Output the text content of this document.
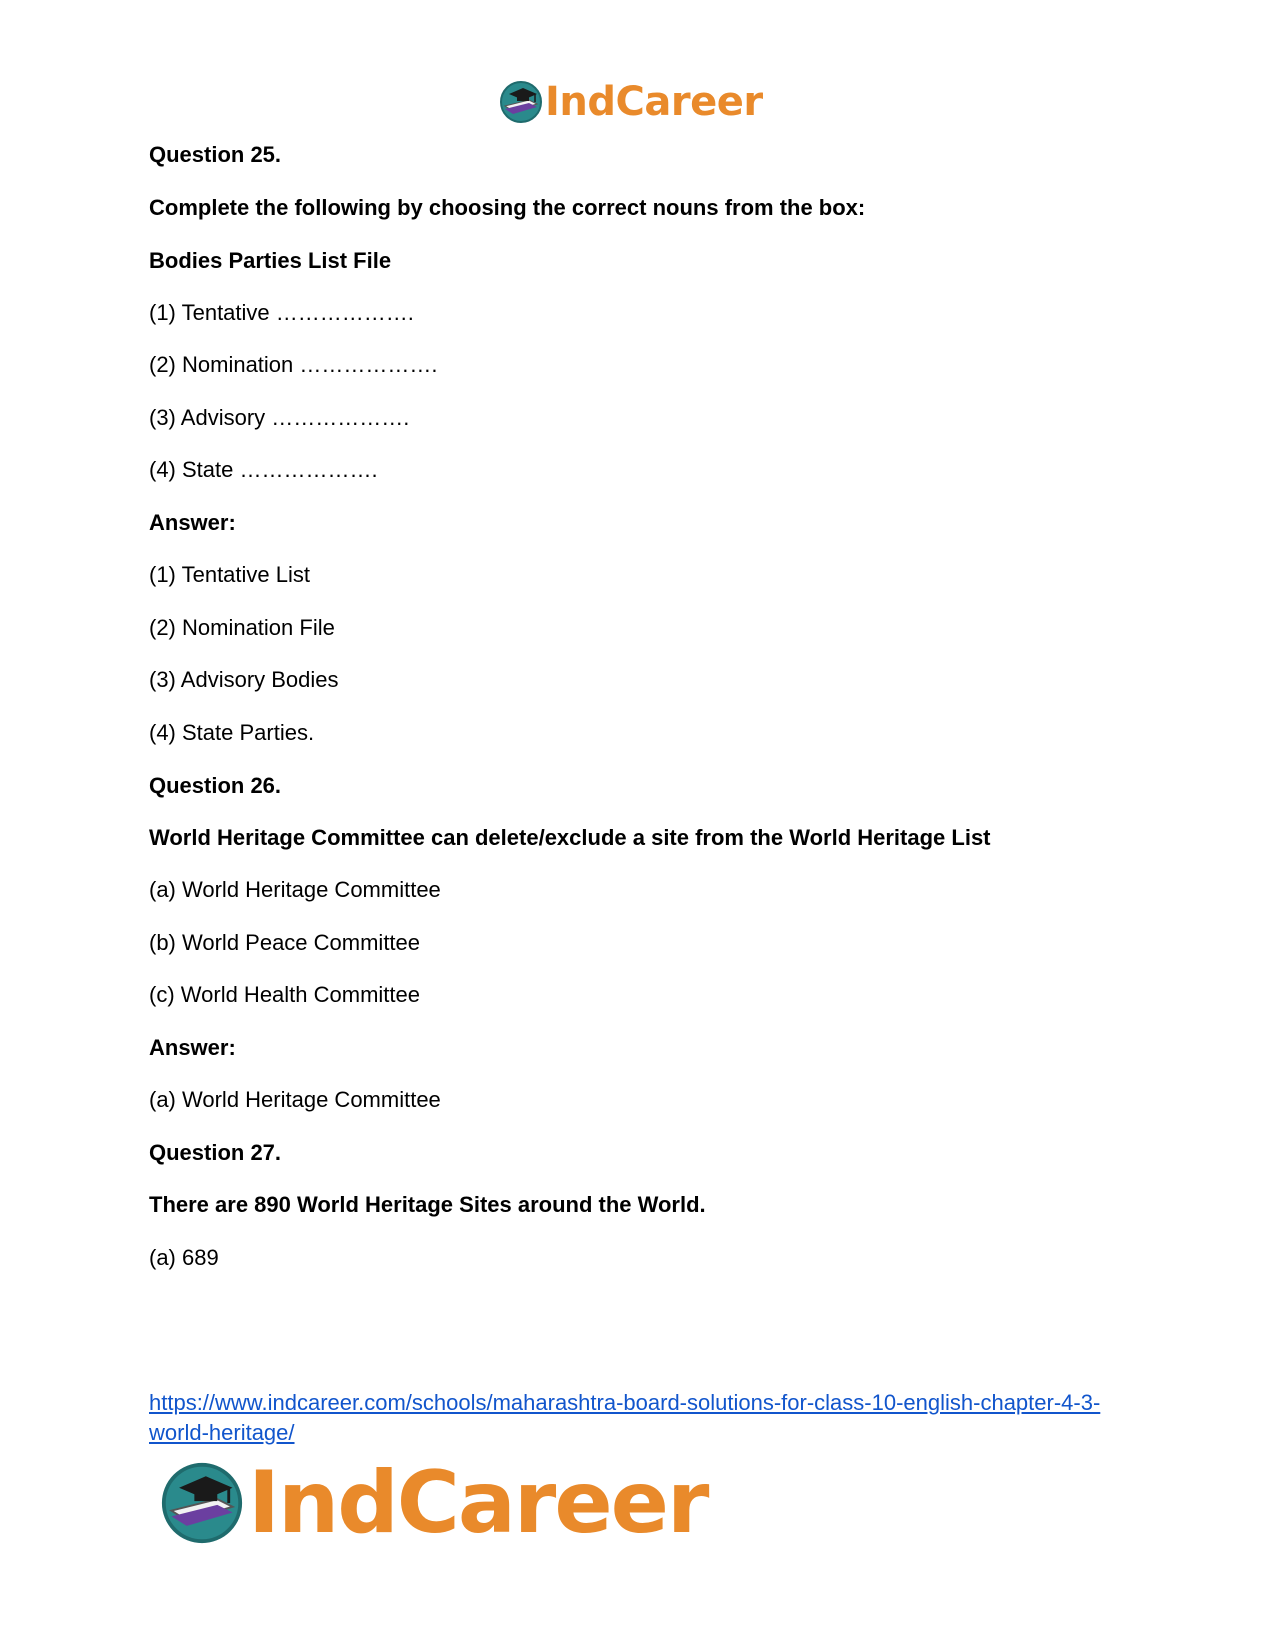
IndCareer
Question 25.
Complete the following by choosing the correct nouns from the box:
Bodies Parties List File
(1) Tentative ……………….
(2) Nomination ……………….
(3) Advisory ……………….
(4) State ……………….
Answer:
(1) Tentative List
(2) Nomination File
(3) Advisory Bodies
(4) State Parties.
Question 26.
World Heritage Committee can delete/exclude a site from the World Heritage List
(a) World Heritage Committee
(b) World Peace Committee
(c) World Health Committee
Answer:
(a) World Heritage Committee
Question 27.
There are 890 World Heritage Sites around the World.
(a) 689
https://www.indcareer.com/schools/maharashtra-board-solutions-for-class-10-english-chapter-4-3-world-heritage/
IndCareer
